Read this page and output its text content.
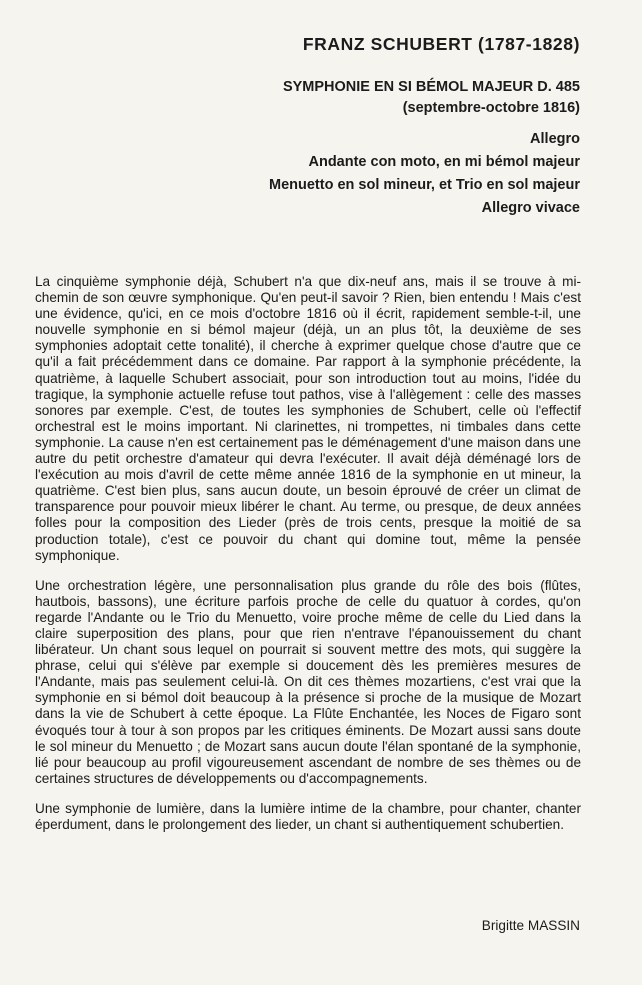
FRANZ SCHUBERT (1787-1828)

SYMPHONIE EN SI BÉMOL MAJEUR D. 485

(septembre-octobre 1816)

Allegro

Andante con moto, en mi bémol majeur

Menuetto en sol mineur, et Trio en sol majeur

Allegro vivace

La cinquième symphonie déjà, Schubert n'a que dix-neuf ans, mais il se trouve à mi-chemin de son œuvre symphonique. Qu'en peut-il savoir ? Rien, bien entendu ! Mais c'est une évidence, qu'ici, en ce mois d'octobre 1816 où il écrit, rapidement semble-t-il, une nouvelle symphonie en si bémol majeur (déjà, un an plus tôt, la deuxième de ses symphonies adoptait cette tonalité), il cherche à exprimer quelque chose d'autre que ce qu'il a fait précédemment dans ce domaine. Par rapport à la symphonie précédente, la quatrième, à laquelle Schubert associait, pour son introduction tout au moins, l'idée du tragique, la symphonie actuelle refuse tout pathos, vise à l'allègement : celle des masses sonores par exemple. C'est, de toutes les symphonies de Schubert, celle où l'effectif orchestral est le moins important. Ni clarinettes, ni trompettes, ni timbales dans cette symphonie. La cause n'en est certainement pas le déménagement d'une maison dans une autre du petit orchestre d'amateur qui devra l'exécuter. Il avait déjà déménagé lors de l'exécution au mois d'avril de cette même année 1816 de la symphonie en ut mineur, la quatrième. C'est bien plus, sans aucun doute, un besoin éprouvé de créer un climat de transparence pour pouvoir mieux libérer le chant. Au terme, ou presque, de deux années folles pour la composition des Lieder (près de trois cents, presque la moitié de sa production totale), c'est ce pouvoir du chant qui domine tout, même la pensée symphonique.

Une orchestration légère, une personnalisation plus grande du rôle des bois (flûtes, hautbois, bassons), une écriture parfois proche de celle du quatuor à cordes, qu'on regarde l'Andante ou le Trio du Menuetto, voire proche même de celle du Lied dans la claire superposition des plans, pour que rien n'entrave l'épanouissement du chant libérateur. Un chant sous lequel on pourrait si souvent mettre des mots, qui suggère la phrase, celui qui s'élève par exemple si doucement dès les premières mesures de l'Andante, mais pas seulement celui-là. On dit ces thèmes mozartiens, c'est vrai que la symphonie en si bémol doit beaucoup à la présence si proche de la musique de Mozart dans la vie de Schubert à cette époque. La Flûte Enchantée, les Noces de Figaro sont évoqués tour à tour à son propos par les critiques éminents. De Mozart aussi sans doute le sol mineur du Menuetto ; de Mozart sans aucun doute l'élan spontané de la symphonie, lié pour beaucoup au profil vigoureusement ascendant de nombre de ses thèmes ou de certaines structures de développements ou d'accompagnements.

Une symphonie de lumière, dans la lumière intime de la chambre, pour chanter, chanter éperdument, dans le prolongement des lieder, un chant si authentiquement schubertien.

Brigitte MASSIN
